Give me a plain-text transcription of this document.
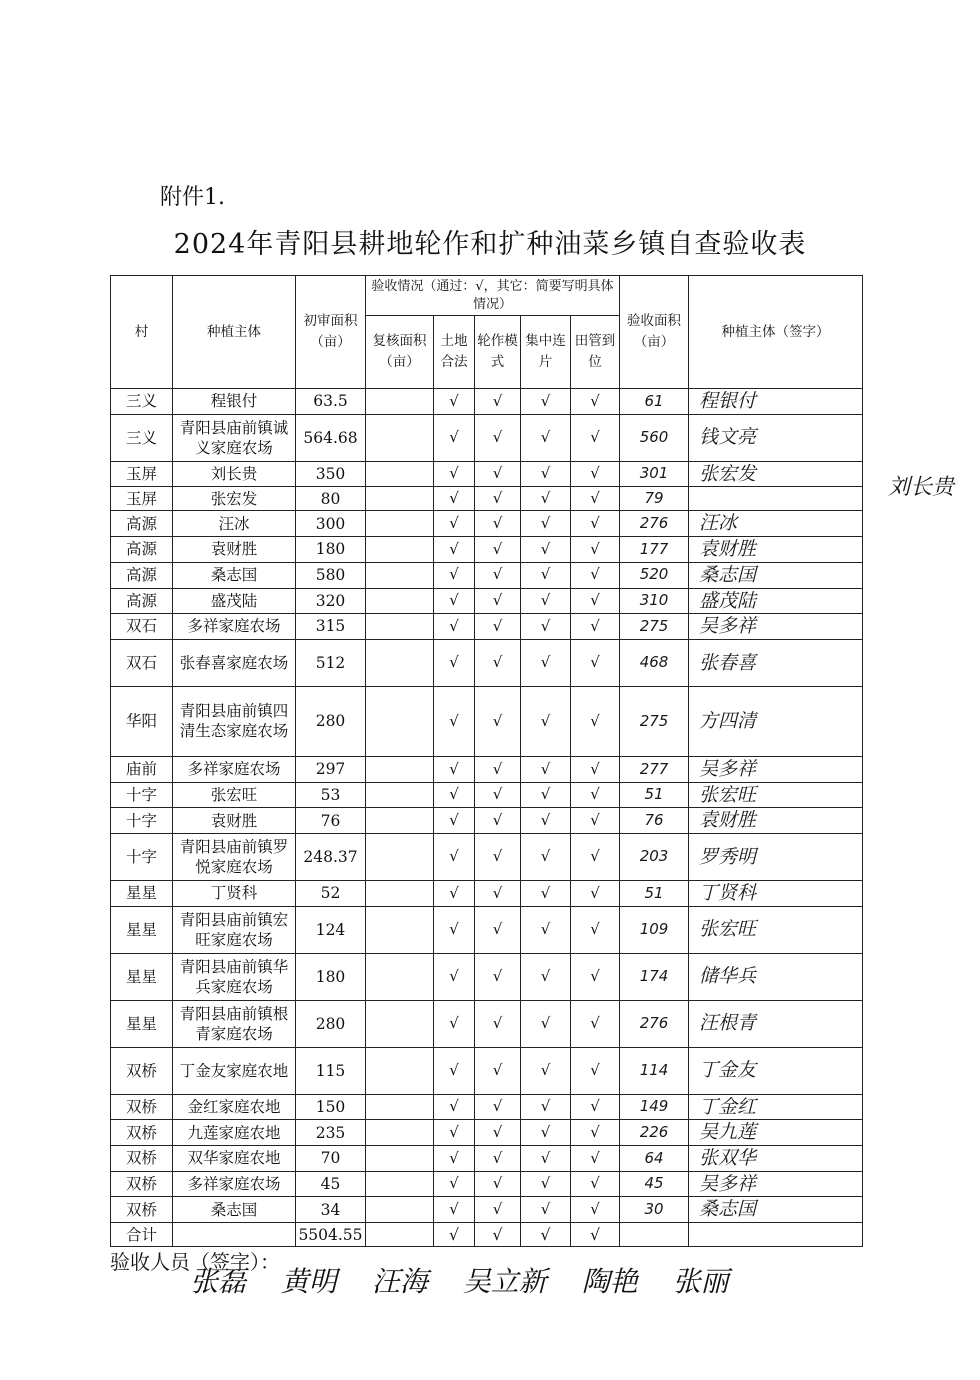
附件1.
2024年青阳县耕地轮作和扩种油菜乡镇自查验收表
村	种植主体	初审面积（亩）	验收情况（通过：√，其它：简要写明具体情况）					验收面积（亩）	种植主体（签字）
			复核面积（亩）	土地合法	轮作模式	集中连片	田管到位		
三义	程银付	63.5		√	√	√	√	61	程银付
三义	青阳县庙前镇诚义家庭农场	564.68		√	√	√	√	560	钱文亮
玉屏	刘长贵	350		√	√	√	√	301	张宏发
玉屏	张宏发	80		√	√	√	√	79	
高源	汪冰	300		√	√	√	√	276	汪冰
高源	袁财胜	180		√	√	√	√	177	袁财胜
高源	桑志国	580		√	√	√	√	520	桑志国
高源	盛茂陆	320		√	√	√	√	310	盛茂陆
双石	多祥家庭农场	315		√	√	√	√	275	吴多祥
双石	张春喜家庭农场	512		√	√	√	√	468	张春喜
华阳	青阳县庙前镇四清生态家庭农场	280		√	√	√	√	275	方四清
庙前	多祥家庭农场	297		√	√	√	√	277	吴多祥
十字	张宏旺	53		√	√	√	√	51	张宏旺
十字	袁财胜	76		√	√	√	√	76	袁财胜
十字	青阳县庙前镇罗悦家庭农场	248.37		√	√	√	√	203	罗秀明
星星	丁贤科	52		√	√	√	√	51	丁贤科
星星	青阳县庙前镇宏旺家庭农场	124		√	√	√	√	109	张宏旺
星星	青阳县庙前镇华兵家庭农场	180		√	√	√	√	174	储华兵
星星	青阳县庙前镇根青家庭农场	280		√	√	√	√	276	汪根青
双桥	丁金友家庭农地	115		√	√	√	√	114	丁金友
双桥	金红家庭农地	150		√	√	√	√	149	丁金红
双桥	九莲家庭农地	235		√	√	√	√	226	吴九莲
双桥	双华家庭农地	70		√	√	√	√	64	张双华
双桥	多祥家庭农场	45		√	√	√	√	45	吴多祥
双桥	桑志国	34		√	√	√	√	30	桑志国
合计		5504.55		√	√	√	√		
刘长贵
验收人员（签字）：
张磊 黄明 汪海 吴立新 陶艳 张丽
